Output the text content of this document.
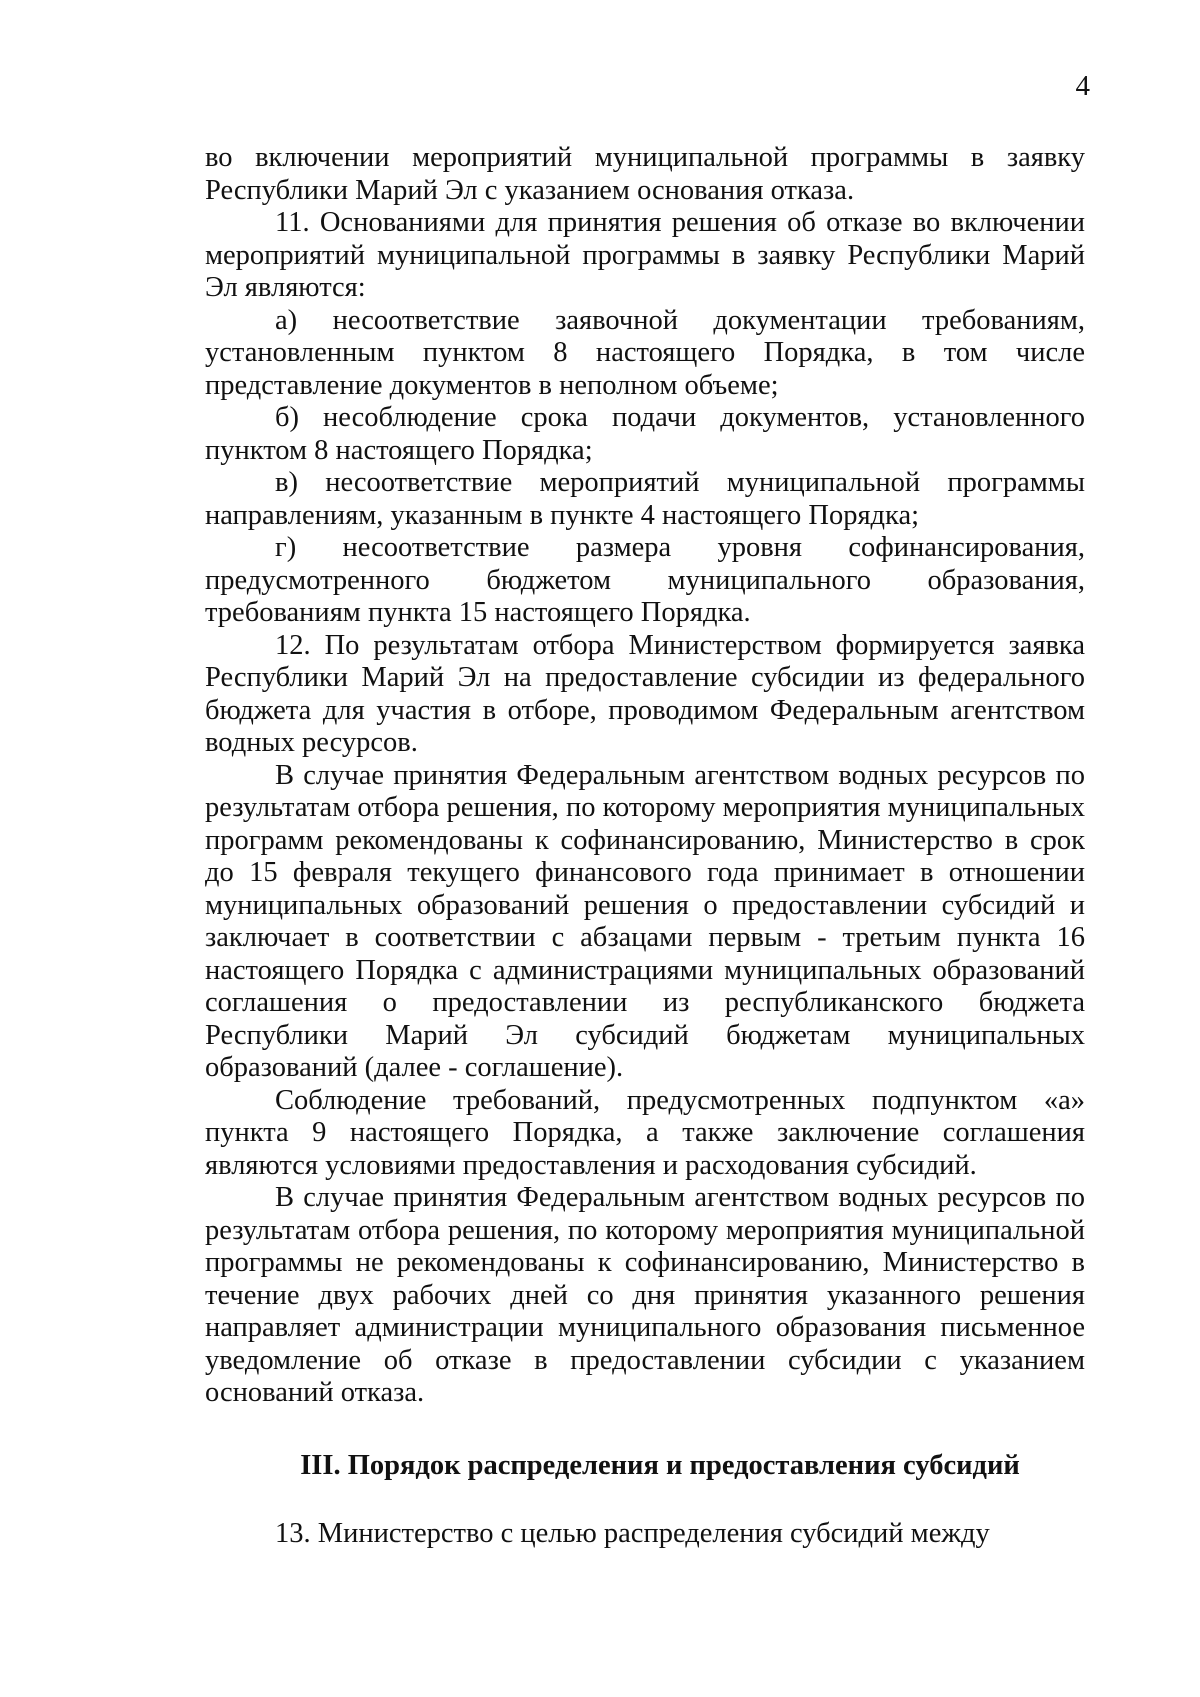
4

во включении мероприятий муниципальной программы в заявку Республики Марий Эл с указанием основания отказа.

11. Основаниями для принятия решения об отказе во включении мероприятий муниципальной программы в заявку Республики Марий Эл являются:

а) несоответствие заявочной документации требованиям, установленным пунктом 8 настоящего Порядка, в том числе представление документов в неполном объеме;

б) несоблюдение срока подачи документов, установленного пунктом 8 настоящего Порядка;

в) несоответствие мероприятий муниципальной программы направлениям, указанным в пункте 4 настоящего Порядка;

г) несоответствие размера уровня софинансирования, предусмотренного бюджетом муниципального образования, требованиям пункта 15 настоящего Порядка.

12. По результатам отбора Министерством формируется заявка Республики Марий Эл на предоставление субсидии из федерального бюджета для участия в отборе, проводимом Федеральным агентством водных ресурсов.

В случае принятия Федеральным агентством водных ресурсов по результатам отбора решения, по которому мероприятия муниципальных программ рекомендованы к софинансированию, Министерство в срок до 15 февраля текущего финансового года принимает в отношении муниципальных образований решения о предоставлении субсидий и заключает в соответствии с абзацами первым - третьим пункта 16 настоящего Порядка с администрациями муниципальных образований соглашения о предоставлении из республиканского бюджета Республики Марий Эл субсидий бюджетам муниципальных образований (далее - соглашение).

Соблюдение требований, предусмотренных подпунктом «а» пункта 9 настоящего Порядка, а также заключение соглашения являются условиями предоставления и расходования субсидий.

В случае принятия Федеральным агентством водных ресурсов по результатам отбора решения, по которому мероприятия муниципальной программы не рекомендованы к софинансированию, Министерство в течение двух рабочих дней со дня принятия указанного решения направляет администрации муниципального образования письменное уведомление об отказе в предоставлении субсидии с указанием оснований отказа.

III. Порядок распределения и предоставления субсидий

13. Министерство с целью распределения субсидий между
